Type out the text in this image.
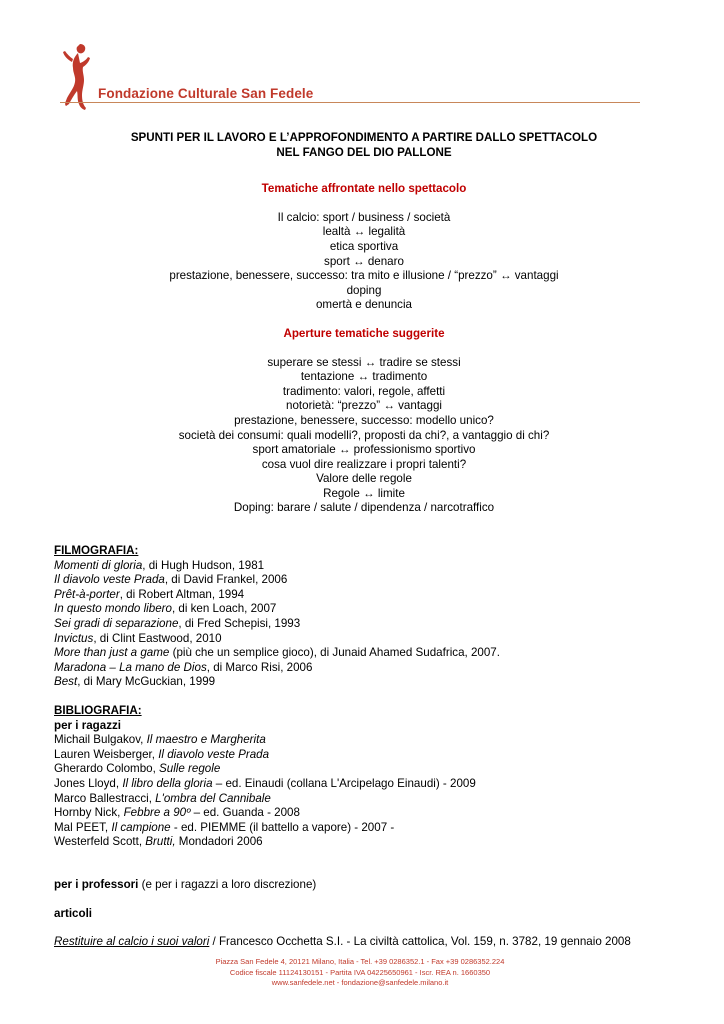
Fondazione Culturale San Fedele
SPUNTI PER IL LAVORO E L’APPROFONDIMENTO A PARTIRE DALLO SPETTACOLO
NEL FANGO DEL DIO PALLONE
Tematiche affrontate nello spettacolo
Il calcio: sport / business / società
lealtà ↔ legalità
etica sportiva
sport ↔ denaro
prestazione, benessere, successo: tra mito e illusione / “prezzo” ↔ vantaggi
doping
omertà e denuncia
Aperture tematiche suggerite
superare se stessi ↔ tradire se stessi
tentazione ↔ tradimento
tradimento: valori, regole, affetti
notorietà: “prezzo” ↔ vantaggi
prestazione, benessere, successo: modello unico?
società dei consumi: quali modelli?, proposti da chi?, a vantaggio di chi?
sport amatoriale ↔ professionismo sportivo
cosa vuol dire realizzare i propri talenti?
Valore delle regole
Regole ↔ limite
Doping: barare / salute / dipendenza / narcotraffico
FILMOGRAFIA:
Momenti di gloria, di Hugh Hudson, 1981
Il diavolo veste Prada, di David Frankel, 2006
Prêt-à-porter, di Robert Altman, 1994
In questo mondo libero, di ken Loach, 2007
Sei gradi di separazione, di Fred Schepisi, 1993
Invictus, di Clint Eastwood, 2010
More than just a game (più che un semplice gioco), di Junaid Ahamed Sudafrica, 2007.
Maradona – La mano de Dios, di Marco Risi, 2006
Best, di Mary McGuckian, 1999
BIBLIOGRAFIA:
per i ragazzi
Michail Bulgakov, Il maestro e Margherita
Lauren Weisberger, Il diavolo veste Prada
Gherardo Colombo, Sulle regole
Jones Lloyd, Il libro della gloria – ed. Einaudi (collana L'Arcipelago Einaudi) - 2009
Marco Ballestracci, L'ombra del Cannibale
Hornby Nick, Febbre a 90º – ed. Guanda - 2008
Mal PEET, Il campione - ed. PIEMME (il battello a vapore) - 2007 -
Westerfeld Scott, Brutti, Mondadori 2006
per i professori (e per i ragazzi a loro discrezione)
articoli
Restituire al calcio i suoi valori / Francesco Occhetta S.I. - La civiltà cattolica, Vol. 159, n. 3782, 19 gennaio 2008
Piazza San Fedele 4, 20121 Milano, Italia - Tel. +39 0286352.1 - Fax +39 0286352.224
Codice fiscale 11124130151 - Partita IVA 04225650961 - Iscr. REA n. 1660350
www.sanfedele.net - fondazione@sanfedele.milano.it
